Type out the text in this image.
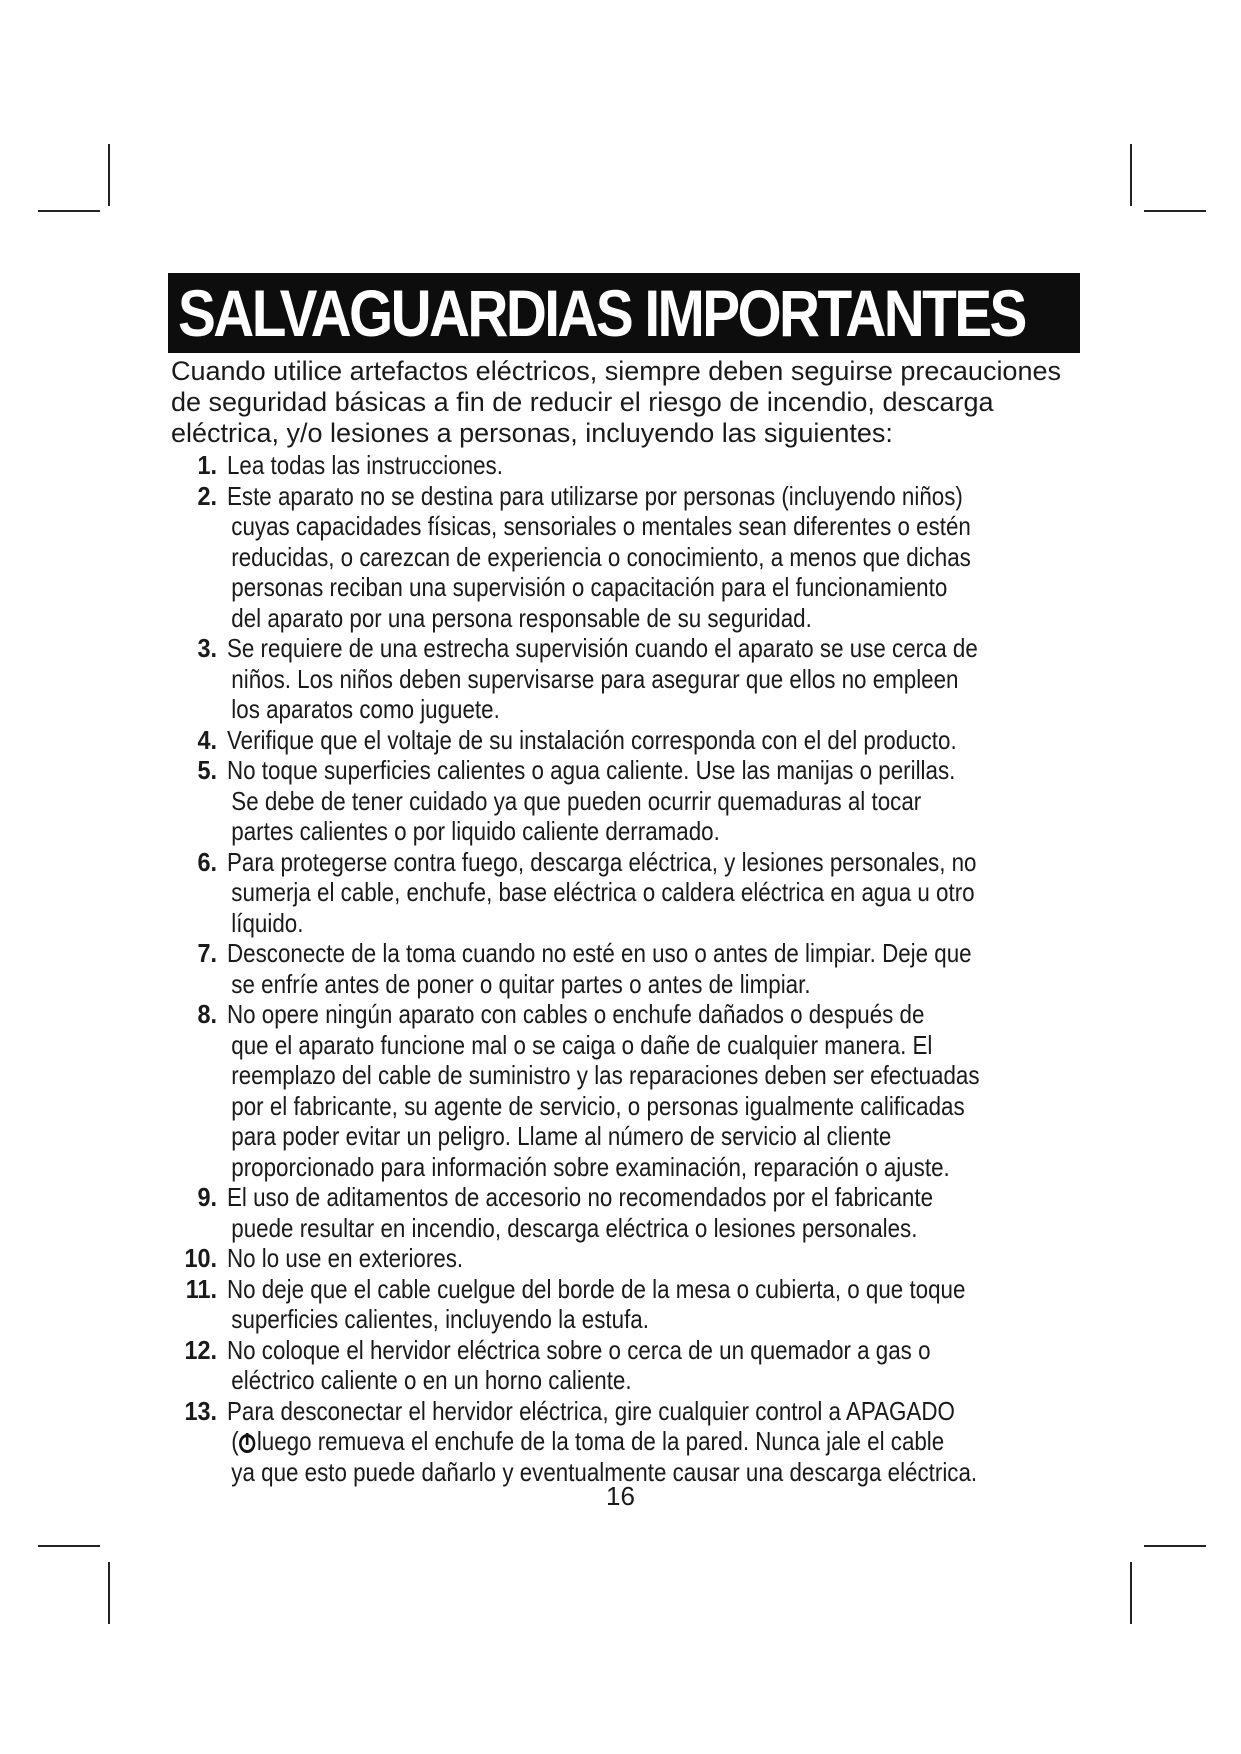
SALVAGUARDIAS IMPORTANTES

Cuando utilice artefactos eléctricos, siempre deben seguirse precauciones
de seguridad básicas a fin de reducir el riesgo de incendio, descarga
eléctrica, y/o lesiones a personas, incluyendo las siguientes:

1. Lea todas las instrucciones.
2. Este aparato no se destina para utilizarse por personas (incluyendo niños)
cuyas capacidades físicas, sensoriales o mentales sean diferentes o estén
reducidas, o carezcan de experiencia o conocimiento, a menos que dichas
personas reciban una supervisión o capacitación para el funcionamiento
del aparato por una persona responsable de su seguridad.
3. Se requiere de una estrecha supervisión cuando el aparato se use cerca de
niños. Los niños deben supervisarse para asegurar que ellos no empleen
los aparatos como juguete.
4. Verifique que el voltaje de su instalación corresponda con el del producto.
5. No toque superficies calientes o agua caliente. Use las manijas o perillas.
Se debe de tener cuidado ya que pueden ocurrir quemaduras al tocar
partes calientes o por liquido caliente derramado.
6. Para protegerse contra fuego, descarga eléctrica, y lesiones personales, no
sumerja el cable, enchufe, base eléctrica o caldera eléctrica en agua u otro
líquido.
7. Desconecte de la toma cuando no esté en uso o antes de limpiar. Deje que
se enfríe antes de poner o quitar partes o antes de limpiar.
8. No opere ningún aparato con cables o enchufe dañados o después de
que el aparato funcione mal o se caiga o dañe de cualquier manera. El
reemplazo del cable de suministro y las reparaciones deben ser efectuadas
por el fabricante, su agente de servicio, o personas igualmente calificadas
para poder evitar un peligro. Llame al número de servicio al cliente
proporcionado para información sobre examinación, reparación o ajuste.
9. El uso de aditamentos de accesorio no recomendados por el fabricante
puede resultar en incendio, descarga eléctrica o lesiones personales.
10. No lo use en exteriores.
11. No deje que el cable cuelgue del borde de la mesa o cubierta, o que toque
superficies calientes, incluyendo la estufa.
12. No coloque el hervidor eléctrica sobre o cerca de un quemador a gas o
eléctrico caliente o en un horno caliente.
13. Para desconectar el hervidor eléctrica, gire cualquier control a APAGADO
( luego remueva el enchufe de la toma de la pared. Nunca jale el cable
ya que esto puede dañarlo y eventualmente causar una descarga eléctrica.
16
